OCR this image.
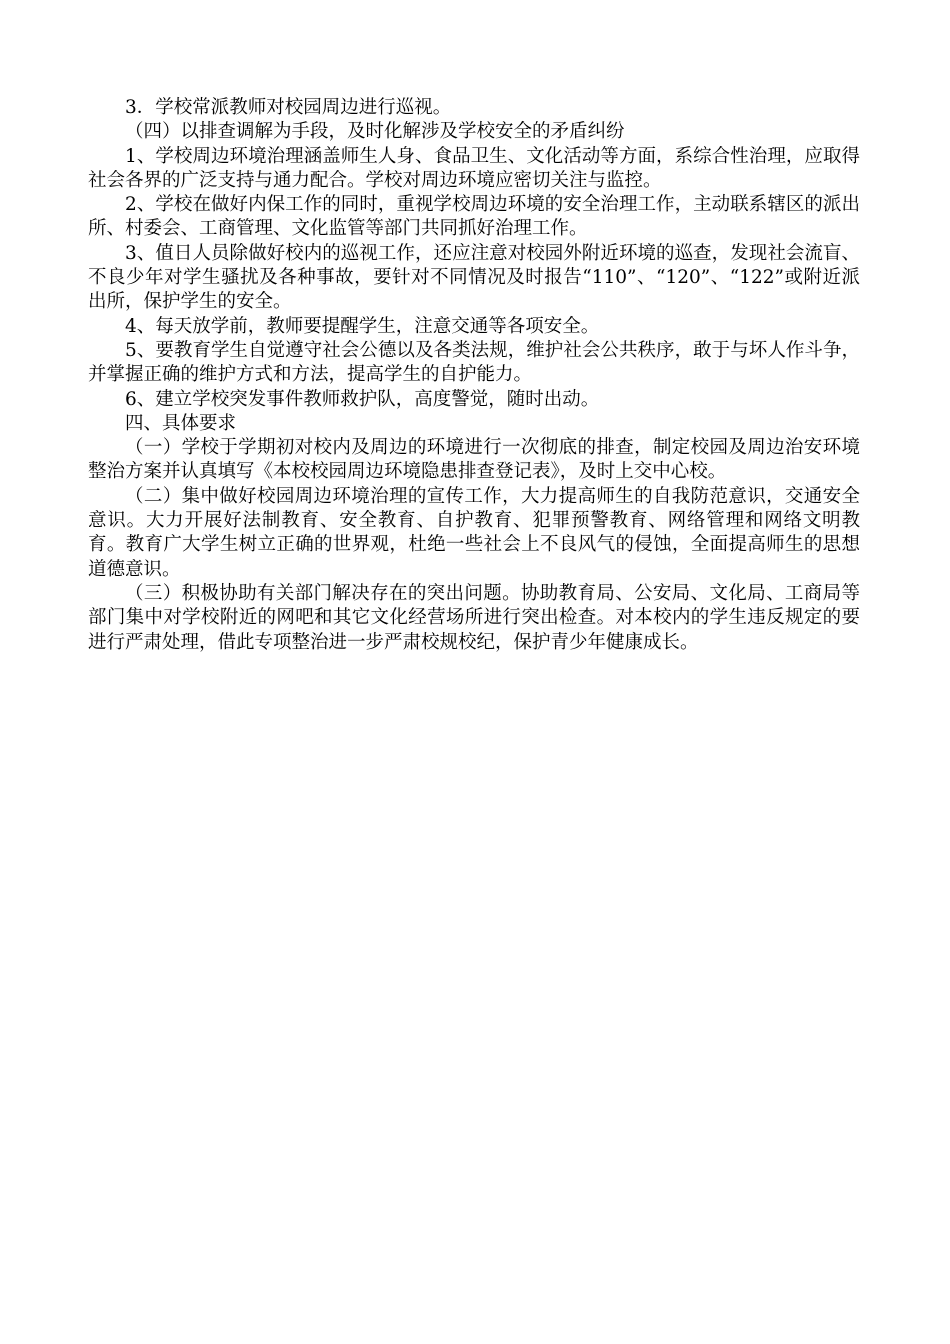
3．学校常派教师对校园周边进行巡视。

（四）以排查调解为手段，及时化解涉及学校安全的矛盾纠纷

1、学校周边环境治理涵盖师生人身、食品卫生、文化活动等方面，系综合性治理，应取得社会各界的广泛支持与通力配合。学校对周边环境应密切关注与监控。

2、学校在做好内保工作的同时，重视学校周边环境的安全治理工作，主动联系辖区的派出所、村委会、工商管理、文化监管等部门共同抓好治理工作。

3、值日人员除做好校内的巡视工作，还应注意对校园外附近环境的巡查，发现社会流盲、不良少年对学生骚扰及各种事故，要针对不同情况及时报告“110”、“120”、“122”或附近派出所，保护学生的安全。

4、每天放学前，教师要提醒学生，注意交通等各项安全。

5、要教育学生自觉遵守社会公德以及各类法规，维护社会公共秩序，敢于与坏人作斗争，并掌握正确的维护方式和方法，提高学生的自护能力。

6、建立学校突发事件教师救护队，高度警觉，随时出动。

四、具体要求

（一）学校于学期初对校内及周边的环境进行一次彻底的排查，制定校园及周边治安环境整治方案并认真填写《本校校园周边环境隐患排查登记表》，及时上交中心校。

（二）集中做好校园周边环境治理的宣传工作，大力提高师生的自我防范意识，交通安全意识。大力开展好法制教育、安全教育、自护教育、犯罪预警教育、网络管理和网络文明教育。教育广大学生树立正确的世界观，杜绝一些社会上不良风气的侵蚀，全面提高师生的思想道德意识。

（三）积极协助有关部门解决存在的突出问题。协助教育局、公安局、文化局、工商局等部门集中对学校附近的网吧和其它文化经营场所进行突出检查。对本校内的学生违反规定的要进行严肃处理，借此专项整治进一步严肃校规校纪，保护青少年健康成长。
